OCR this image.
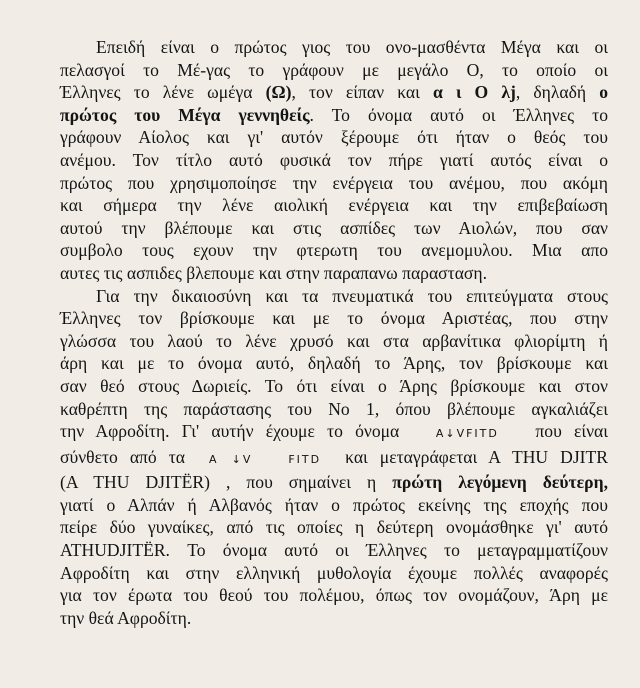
Επειδή είναι ο πρώτος γιος του ονο-μασθέντα Μέγα και οι
πελασγοί το Μέ-γας το γράφουν με μεγάλο Ο, το οποίο οι
Έλληνες το λένε ωμέγα (Ω), τον είπαν και α ι Ο λj, δηλαδή ο
πρώτος του Μέγα γεννηθείς. Το όνομα αυτό οι Έλληνες το
γράφουν Αίολος και γι' αυτόν ξέρουμε ότι ήταν ο θεός του
ανέμου. Τον τίτλο αυτό φυσικά τον πήρε γιατί αυτός είναι ο
πρώτος που χρησιμοποίησε την ενέργεια του ανέμου, που ακόμη
και σήμερα την λένε αιολική ενέργεια και την επιβεβαίωση
αυτού την βλέπουμε και στις ασπίδες των Αιολών, που σαν
συμβολο τους εχουν την φτερωτη του ανεμομυλου. Μια απο
αυτες τις ασπιδες βλεπουμε και στην παραπανω παρασταση.

Για την δικαιοσύνη και τα πνευματικά του επιτεύγματα στους
Έλληνες τον βρίσκουμε και με το όνομα Αριστέας, που στην
γλώσσα του λαού το λένε χρυσό και στα αρβανίτικα φλιορίμτη ή
άρη και με το όνομα αυτό, δηλαδή το Άρης, τον βρίσκουμε και
σαν θεό στους Δωριείς. Το ότι είναι ο Άρης βρίσκουμε και στον
καθρέπτη της παράστασης του Νο 1, όπου βλέπουμε αγκαλιάζει
την Αφροδίτη. Γι' αυτήν έχουμε το όνομα	A↓VFITD που είναι
σύνθετο από τα A ↓V	FITD και μεταγράφεται Α THU DJITR
(A THU DJITËR) , που σημαίνει η πρώτη λεγόμενη δεύτερη,
γιατί ο Αλπάν ή Αλβανός ήταν ο πρώτος εκείνης της εποχής που
πείρε δύο γυναίκες, από τις οποίες η δεύτερη ονομάσθηκε γι' αυτό
ATHUDJITËR. Το όνομα αυτό οι Έλληνες το μεταγραμματίζουν
Αφροδίτη και στην ελληνική μυθολογία έχουμε πολλές αναφορές
για τον έρωτα του θεού του πολέμου, όπως τον ονομάζουν, Άρη με
την θεά Αφροδίτη.
